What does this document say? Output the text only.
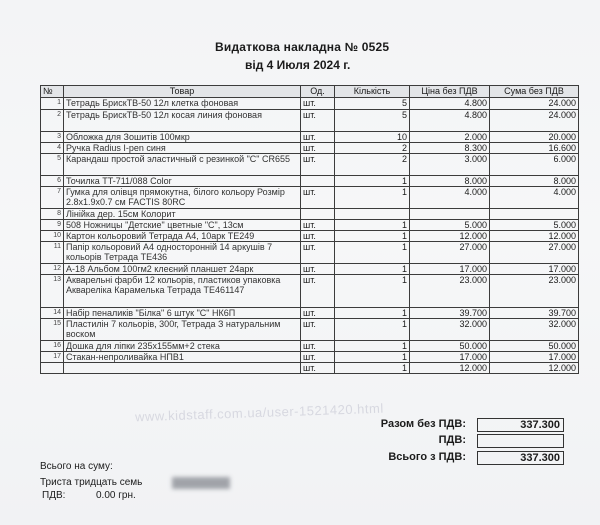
Видаткова накладна № 0525
від 4 Июля 2024 г.
№	Товар	Од.	Кількість	Ціна без ПДВ	Сума без ПДВ
1	Тетрадь БрискТВ-50 12л клетка фоновая	шт.	5	4.800	24.000
2	Тетрадь БрискТВ-50 12л косая линия фоновая	шт.	5	4.800	24.000
3	Обложка для Зошитів 100мкр	шт.	10	2.000	20.000
4	Ручка Radius I-pen синя	шт.	2	8.300	16.600
5	Карандаш простой эластичный с резинкой "C" CR655	шт.	2	3.000	6.000
6	Точилка TT-711/088 Color		1	8.000	8.000
7	Гумка для олівця прямокутна, білого кольору Розмір 2.8х1.9х0.7 см FACTIS 80RC	шт.	1	4.000	4.000
8	Лінійка дер. 15см Колорит				
9	508 Ножницы "Детские" цветные "С", 13см	шт.	1	5.000	5.000
10	Картон кольоровий Тетрада А4, 10арк TE249	шт.	1	12.000	12.000
11	Папір кольоровий А4 односторонній 14 аркушів 7 кольорів Тетрада TE436	шт.	1	27.000	27.000
12	A-18 Альбом 100гм2 клеєний планшет 24арк	шт.	1	17.000	17.000
13	Акварельні фарби 12 кольорів, пластиков упаковка Аквареліка Карамелька Тетрада TE461147	шт.	1	23.000	23.000
14	Набір пеналиків "Білка" 6 штук "С" НК6П	шт.	1	39.700	39.700
15	Пластилін 7 кольорів, 300г, Тетрада З натуральним воском	шт.	1	32.000	32.000
16	Дошка для ліпки 235х155мм+2 стека	шт.	1	50.000	50.000
17	Стакан-непроливайка НПВ1	шт.	1	17.000	17.000
		шт.	1	12.000	12.000
www.kidstaff.com.ua/user-1521420.html
Разом без ПДВ:	337.300
ПДВ:
Всього з ПДВ:	337.300
Всього на суму:
Триста тридцать семь
ПДВ:	0.00 грн.
